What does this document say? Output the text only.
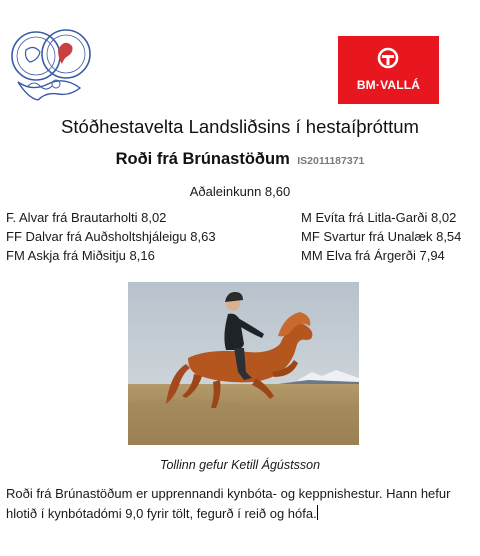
BM·VALLÁ
Stóðhestavelta Landsliðsins í hestaíþróttum
Roði frá Brúnastöðum IS2011187371
Aðaleinkunn 8,60
F. Alvar frá Brautarholti 8,02
FF Dalvar frá Auðsholtshjáleigu 8,63
FM Askja frá Miðsitju 8,16
M Evíta frá Litla-Garði 8,02
MF Svartur frá Unalæk 8,54
MM Elva frá Árgerði 7,94
Tollinn gefur Ketill Ágústsson
Roði frá Brúnastöðum er upprennandi kynbóta- og keppnishestur. Hann hefur hlotið í kynbótadómi 9,0 fyrir tölt, fegurð í reið og hófa.
